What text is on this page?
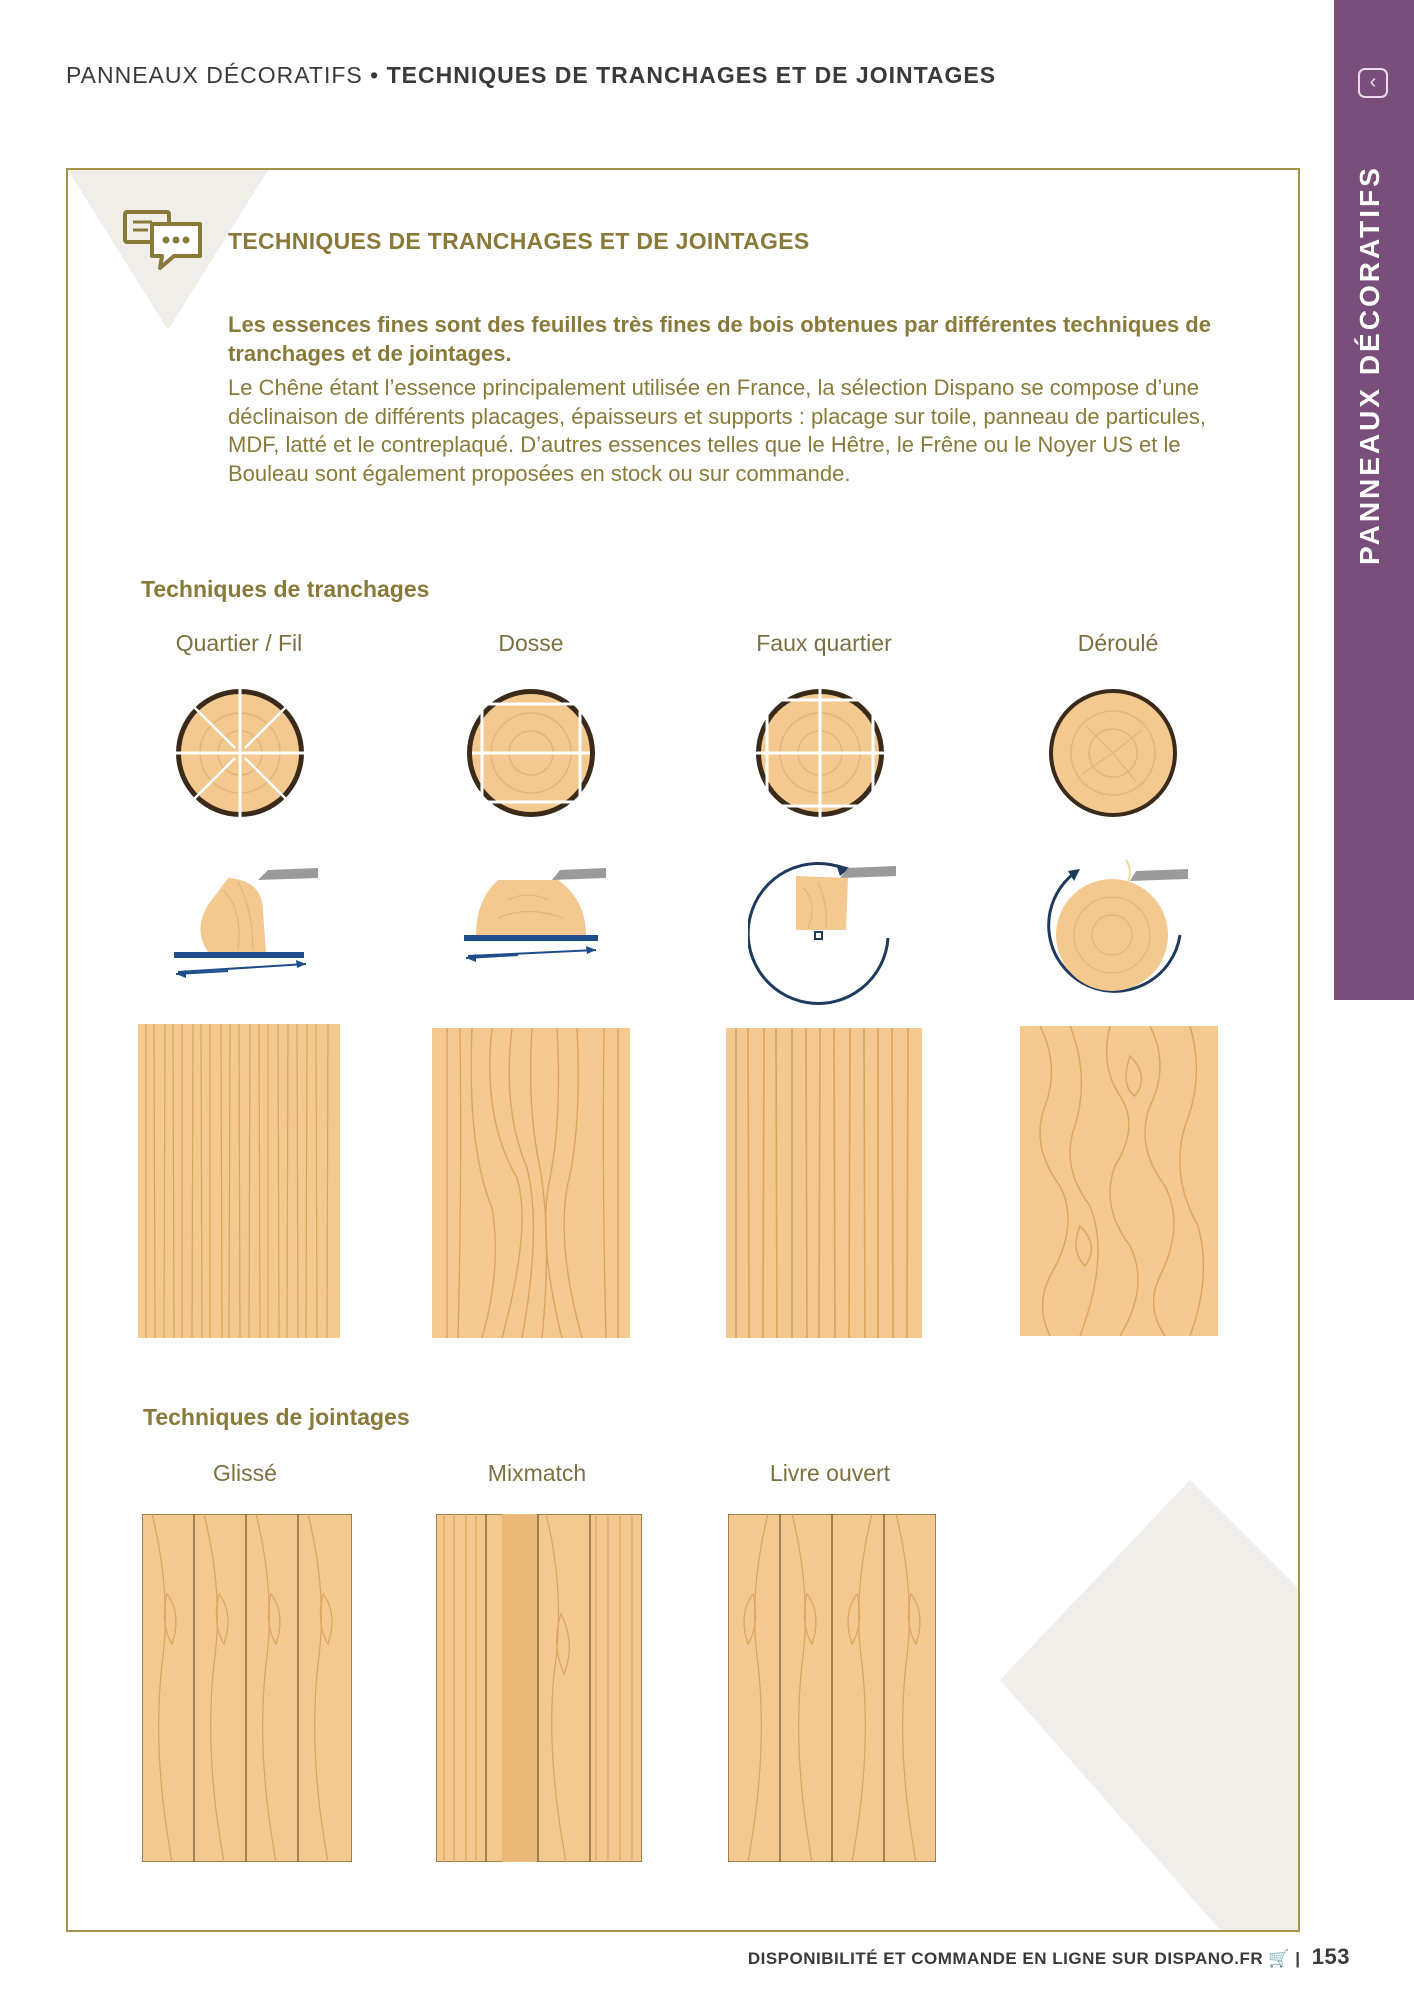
PANNEAUX DÉCORATIFS • TECHNIQUES DE TRANCHAGES ET DE JOINTAGES	‹
PANNEAUX DÉCORATIFS
TECHNIQUES DE TRANCHAGES ET DE JOINTAGES
Les essences fines sont des feuilles très fines de bois obtenues par différentes techniques de tranchages et de jointages.
Le Chêne étant l’essence principalement utilisée en France, la sélection Dispano se compose d’une déclinaison de différents placages, épaisseurs et supports : placage sur toile, panneau de particules, MDF, latté et le contreplaqué. D’autres essences telles que le Hêtre, le Frêne ou le Noyer US et le Bouleau sont également proposées en stock ou sur commande.
Techniques de tranchages
Quartier / Fil	Dosse	Faux quartier	Déroulé
Techniques de jointages
Glissé	Mixmatch	Livre ouvert
DISPONIBILITÉ ET COMMANDE EN LIGNE SUR DISPANO.FR 🛒 | 153
